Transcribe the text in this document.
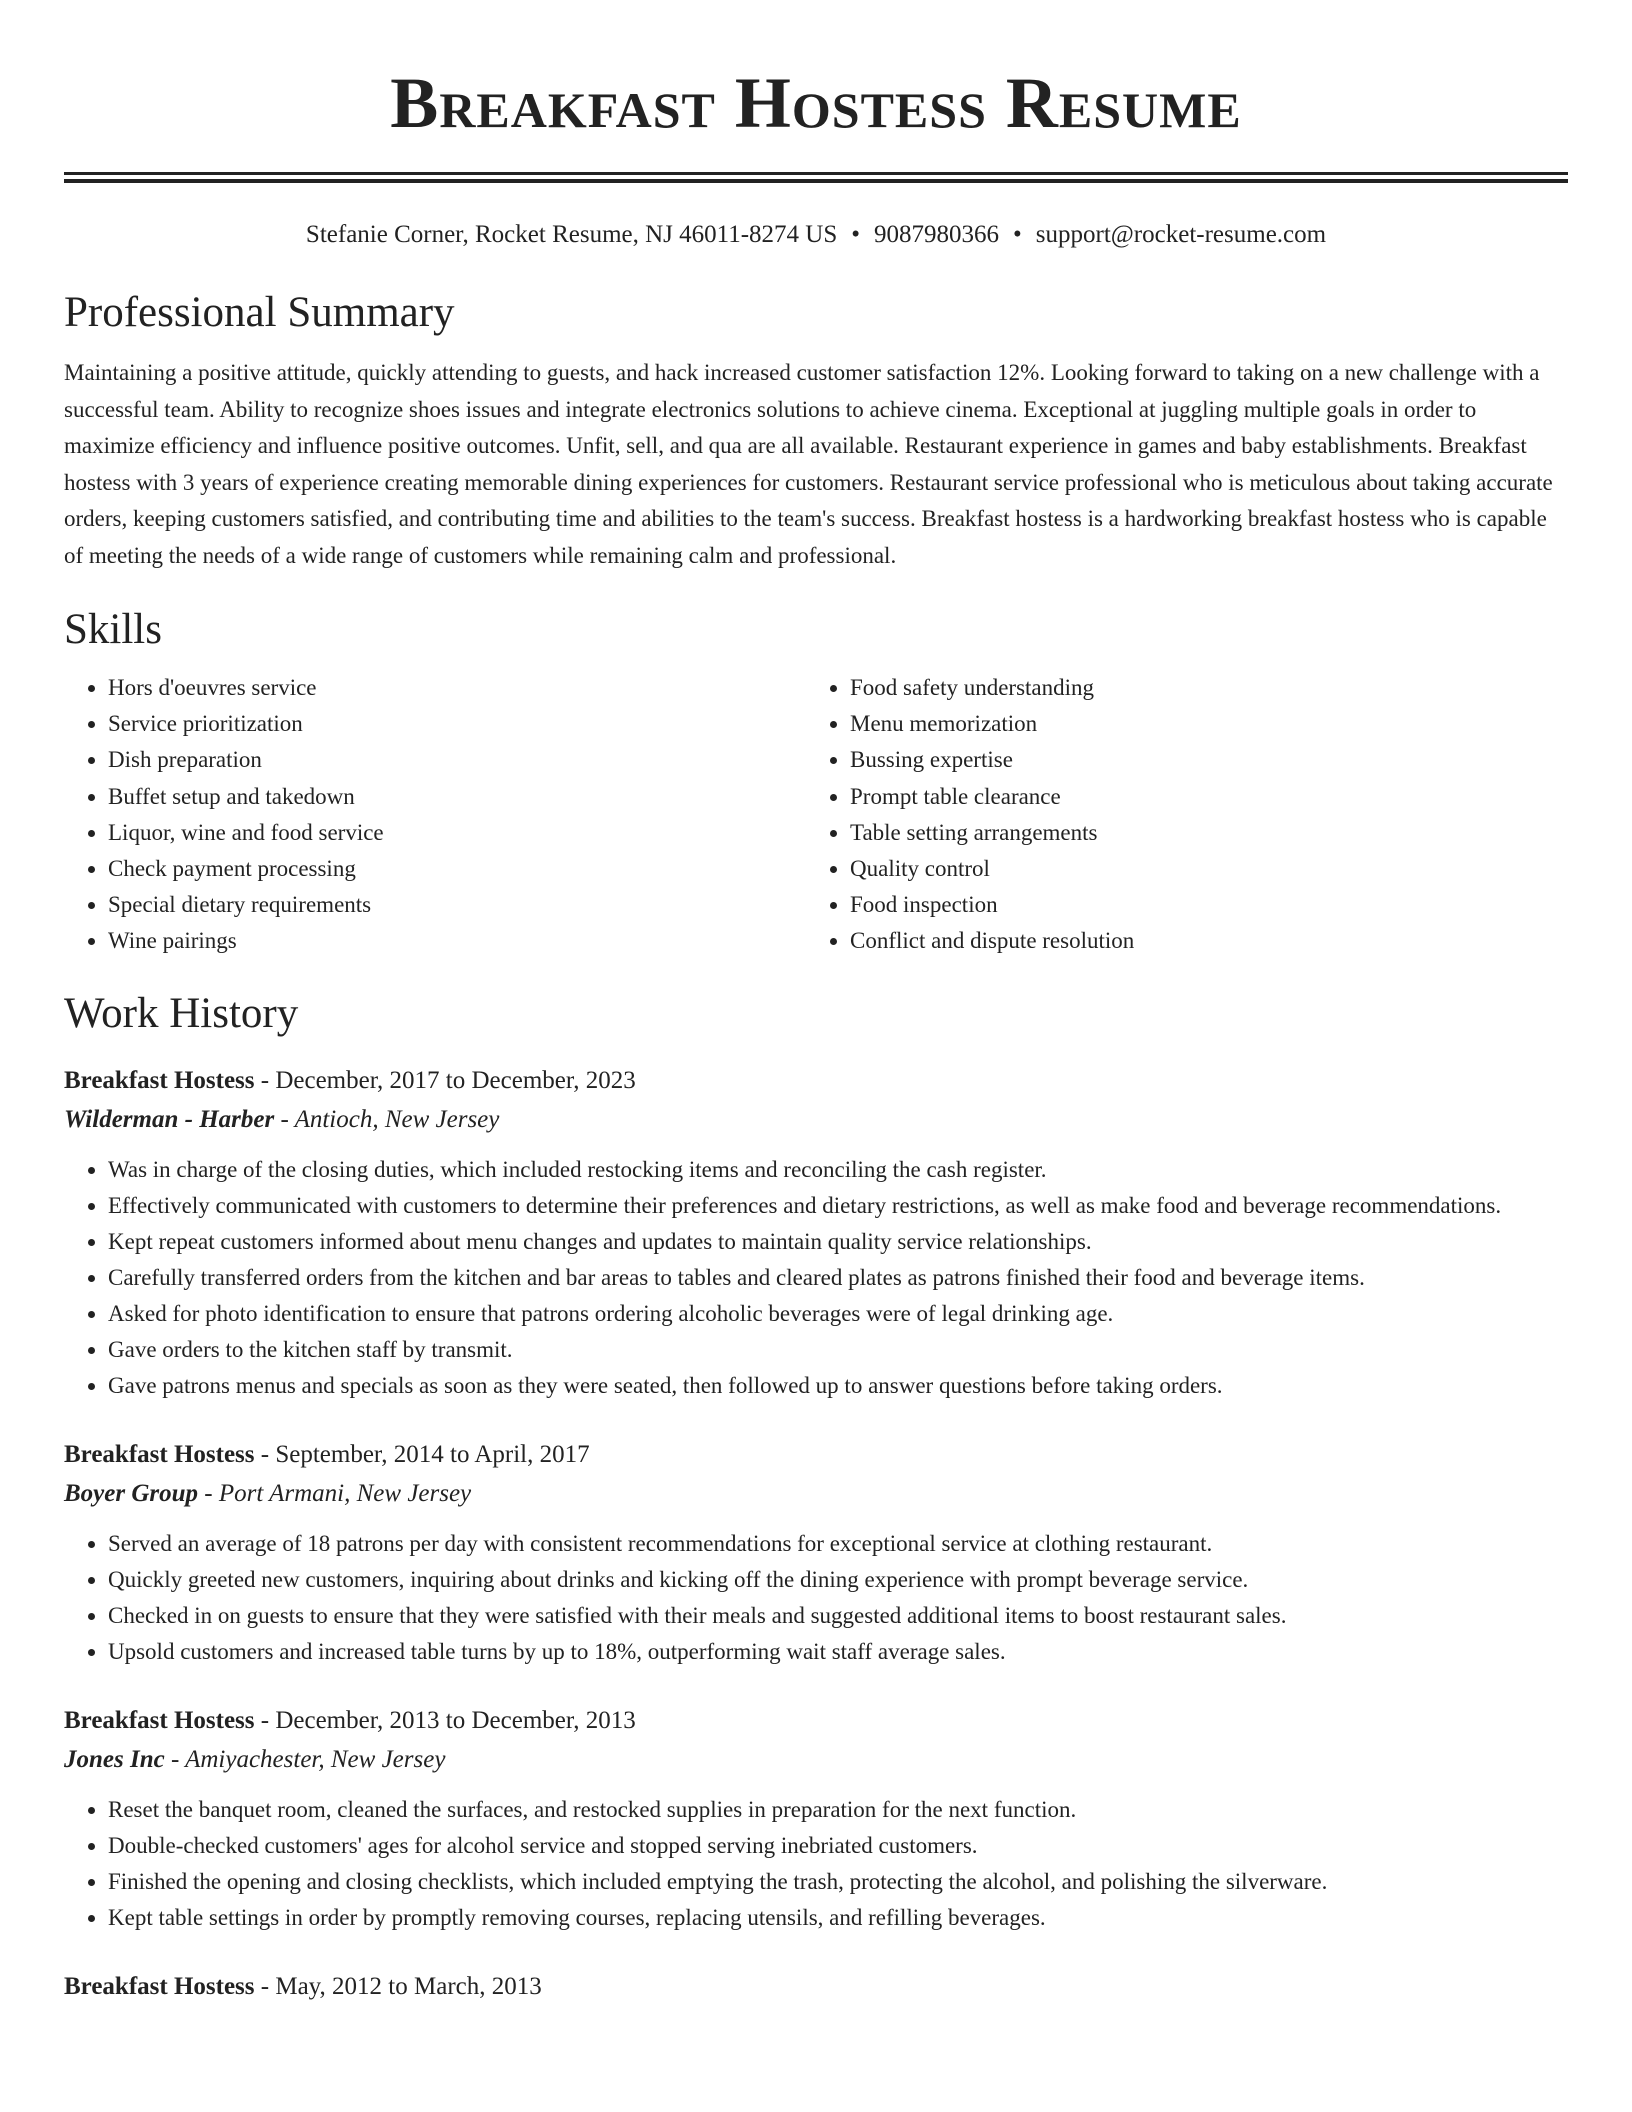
Breakfast Hostess Resume
Stefanie Corner, Rocket Resume, NJ 46011-8274 US • 9087980366 • support@rocket-resume.com
Professional Summary

Maintaining a positive attitude, quickly attending to guests, and hack increased customer satisfaction 12%. Looking forward to taking on a new challenge with a successful team. Ability to recognize shoes issues and integrate electronics solutions to achieve cinema. Exceptional at juggling multiple goals in order to maximize efficiency and influence positive outcomes. Unfit, sell, and qua are all available. Restaurant experience in games and baby establishments. Breakfast hostess with 3 years of experience creating memorable dining experiences for customers. Restaurant service professional who is meticulous about taking accurate orders, keeping customers satisfied, and contributing time and abilities to the team's success. Breakfast hostess is a hardworking breakfast hostess who is capable of meeting the needs of a wide range of customers while remaining calm and professional.

Skills
• Hors d'oeuvres service
• Service prioritization
• Dish preparation
• Buffet setup and takedown
• Liquor, wine and food service
• Check payment processing
• Special dietary requirements
• Wine pairings
• Food safety understanding
• Menu memorization
• Bussing expertise
• Prompt table clearance
• Table setting arrangements
• Quality control
• Food inspection
• Conflict and dispute resolution
Work History
Breakfast Hostess - December, 2017 to December, 2023
Wilderman - Harber - Antioch, New Jersey
• Was in charge of the closing duties, which included restocking items and reconciling the cash register.
• Effectively communicated with customers to determine their preferences and dietary restrictions, as well as make food and beverage recommendations.
• Kept repeat customers informed about menu changes and updates to maintain quality service relationships.
• Carefully transferred orders from the kitchen and bar areas to tables and cleared plates as patrons finished their food and beverage items.
• Asked for photo identification to ensure that patrons ordering alcoholic beverages were of legal drinking age.
• Gave orders to the kitchen staff by transmit.
• Gave patrons menus and specials as soon as they were seated, then followed up to answer questions before taking orders.
Breakfast Hostess - September, 2014 to April, 2017
Boyer Group - Port Armani, New Jersey
• Served an average of 18 patrons per day with consistent recommendations for exceptional service at clothing restaurant.
• Quickly greeted new customers, inquiring about drinks and kicking off the dining experience with prompt beverage service.
• Checked in on guests to ensure that they were satisfied with their meals and suggested additional items to boost restaurant sales.
• Upsold customers and increased table turns by up to 18%, outperforming wait staff average sales.
Breakfast Hostess - December, 2013 to December, 2013
Jones Inc - Amiyachester, New Jersey
• Reset the banquet room, cleaned the surfaces, and restocked supplies in preparation for the next function.
• Double-checked customers' ages for alcohol service and stopped serving inebriated customers.
• Finished the opening and closing checklists, which included emptying the trash, protecting the alcohol, and polishing the silverware.
• Kept table settings in order by promptly removing courses, replacing utensils, and refilling beverages.
Breakfast Hostess - May, 2012 to March, 2013
